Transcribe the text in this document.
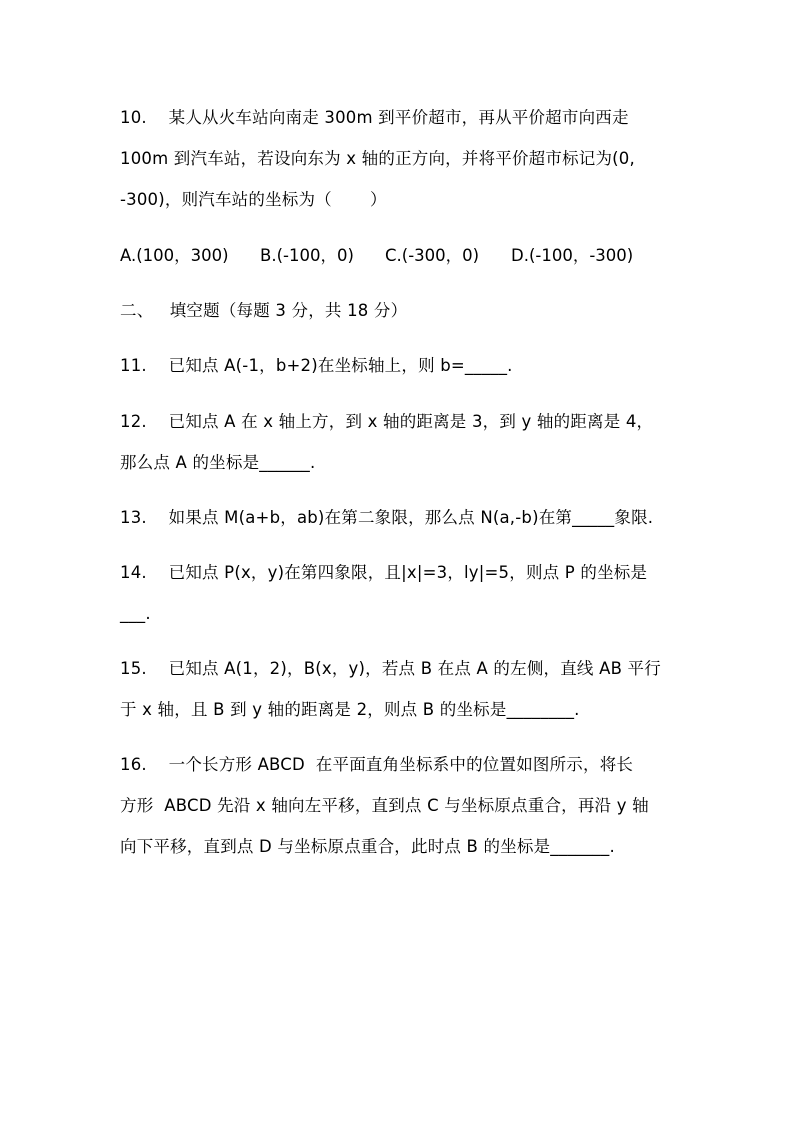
10.    某人从火车站向南走 300m 到平价超市，再从平价超市向西走
100m 到汽车站，若设向东为 x 轴的正方向，并将平价超市标记为(0,
-300)，则汽车站的坐标为（       ）

A.(100，300)

B.(-100，0)

C.(-300，0)

D.(-100，-300)

二、   填空题（每题 3 分，共 18 分）
11.    已知点 A(-1，b+2)在坐标轴上，则 b=_____.
12.    已知点 A 在 x 轴上方，到 x 轴的距离是 3，到 y 轴的距离是 4，
那么点 A 的坐标是______.
13.    如果点 M(a+b，ab)在第二象限，那么点 N(a,-b)在第_____象限.
14.    已知点 P(x，y)在第四象限，且|x|=3，ly|=5，则点 P 的坐标是
___.
15.    已知点 A(1，2)，B(x，y)，若点 B 在点 A 的左侧，直线 AB 平行
于 x 轴，且 B 到 y 轴的距离是 2，则点 B 的坐标是________.
16.    一个长方形 ABCD  在平面直角坐标系中的位置如图所示，将长
方形  ABCD 先沿 x 轴向左平移，直到点 C 与坐标原点重合，再沿 y 轴
向下平移，直到点 D 与坐标原点重合，此时点 B 的坐标是_______.
